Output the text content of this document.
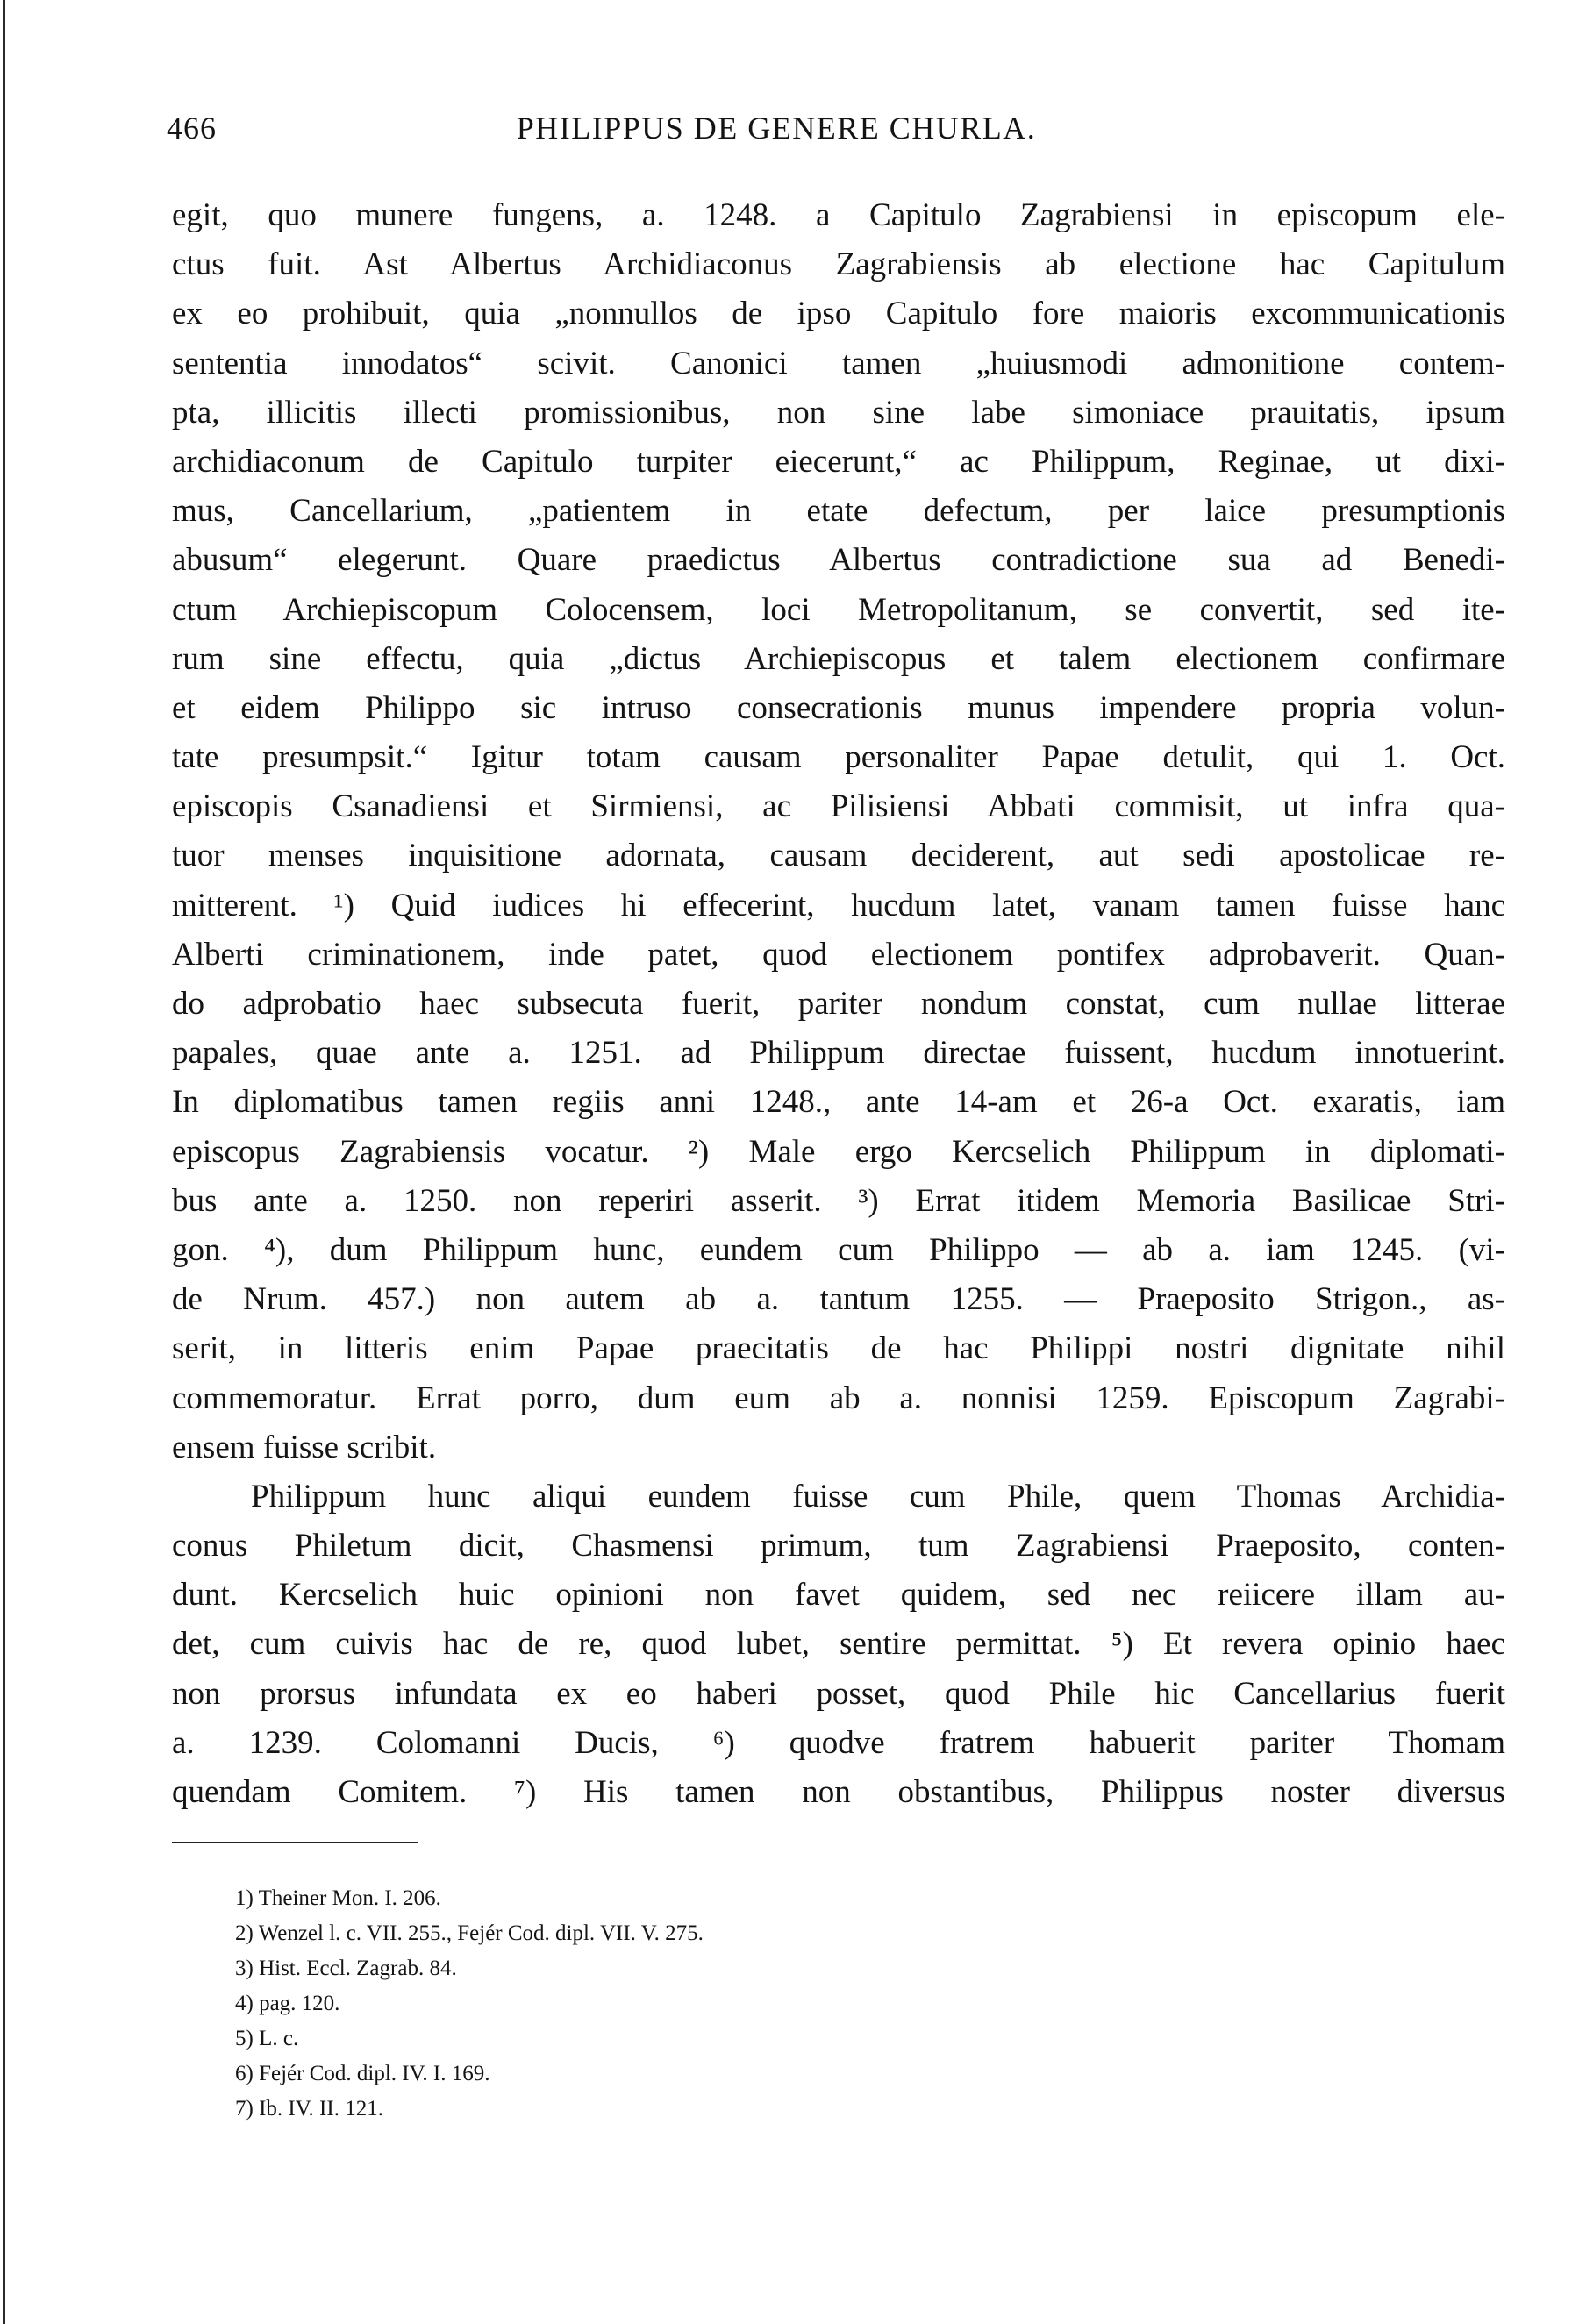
466	PHILIPPUS DE GENERE CHURLA.
egit, quo munere fungens, a. 1248. a Capitulo Zagrabiensi in episcopum ele-
ctus fuit. Ast Albertus Archidiaconus Zagrabiensis ab electione hac Capitulum
ex eo prohibuit, quia „nonnullos de ipso Capitulo fore maioris excommunicationis
sententia innodatos“ scivit. Canonici tamen „huiusmodi admonitione contem-
pta, illicitis illecti promissionibus, non sine labe simoniace prauitatis, ipsum
archidiaconum de Capitulo turpiter eiecerunt,“ ac Philippum, Reginae, ut dixi-
mus, Cancellarium, „patientem in etate defectum, per laice presumptionis
abusum“ elegerunt. Quare praedictus Albertus contradictione sua ad Benedi-
ctum Archiepiscopum Colocensem, loci Metropolitanum, se convertit, sed ite-
rum sine effectu, quia „dictus Archiepiscopus et talem electionem confirmare
et eidem Philippo sic intruso consecrationis munus impendere propria volun-
tate presumpsit.“ Igitur totam causam personaliter Papae detulit, qui 1. Oct.
episcopis Csanadiensi et Sirmiensi, ac Pilisiensi Abbati commisit, ut infra qua-
tuor menses inquisitione adornata, causam deciderent, aut sedi apostolicae re-
mitterent. ¹) Quid iudices hi effecerint, hucdum latet, vanam tamen fuisse hanc
Alberti criminationem, inde patet, quod electionem pontifex adprobaverit. Quan-
do adprobatio haec subsecuta fuerit, pariter nondum constat, cum nullae litterae
papales, quae ante a. 1251. ad Philippum directae fuissent, hucdum innotuerint.
In diplomatibus tamen regiis anni 1248., ante 14-am et 26-a Oct. exaratis, iam
episcopus Zagrabiensis vocatur. ²) Male ergo Kercselich Philippum in diplomati-
bus ante a. 1250. non reperiri asserit. ³) Errat itidem Memoria Basilicae Stri-
gon. ⁴), dum Philippum hunc, eundem cum Philippo — ab a. iam 1245. (vi-
de Nrum. 457.) non autem ab a. tantum 1255. — Praeposito Strigon., as-
serit, in litteris enim Papae praecitatis de hac Philippi nostri dignitate nihil
commemoratur. Errat porro, dum eum ab a. nonnisi 1259. Episcopum Zagrabi-
ensem fuisse scribit.
Philippum hunc aliqui eundem fuisse cum Phile, quem Thomas Archidia-
conus Philetum dicit, Chasmensi primum, tum Zagrabiensi Praeposito, conten-
dunt. Kercselich huic opinioni non favet quidem, sed nec reiicere illam au-
det, cum cuivis hac de re, quod lubet, sentire permittat. ⁵) Et revera opinio haec
non prorsus infundata ex eo haberi posset, quod Phile hic Cancellarius fuerit
a. 1239. Colomanni Ducis, ⁶) quodve fratrem habuerit pariter Thomam
quendam Comitem. ⁷) His tamen non obstantibus, Philippus noster diversus
1) Theiner Mon. I. 206.
2) Wenzel l. c. VII. 255., Fejér Cod. dipl. VII. V. 275.
3) Hist. Eccl. Zagrab. 84.
4) pag. 120.
5) L. c.
6) Fejér Cod. dipl. IV. I. 169.
7) Ib. IV. II. 121.
